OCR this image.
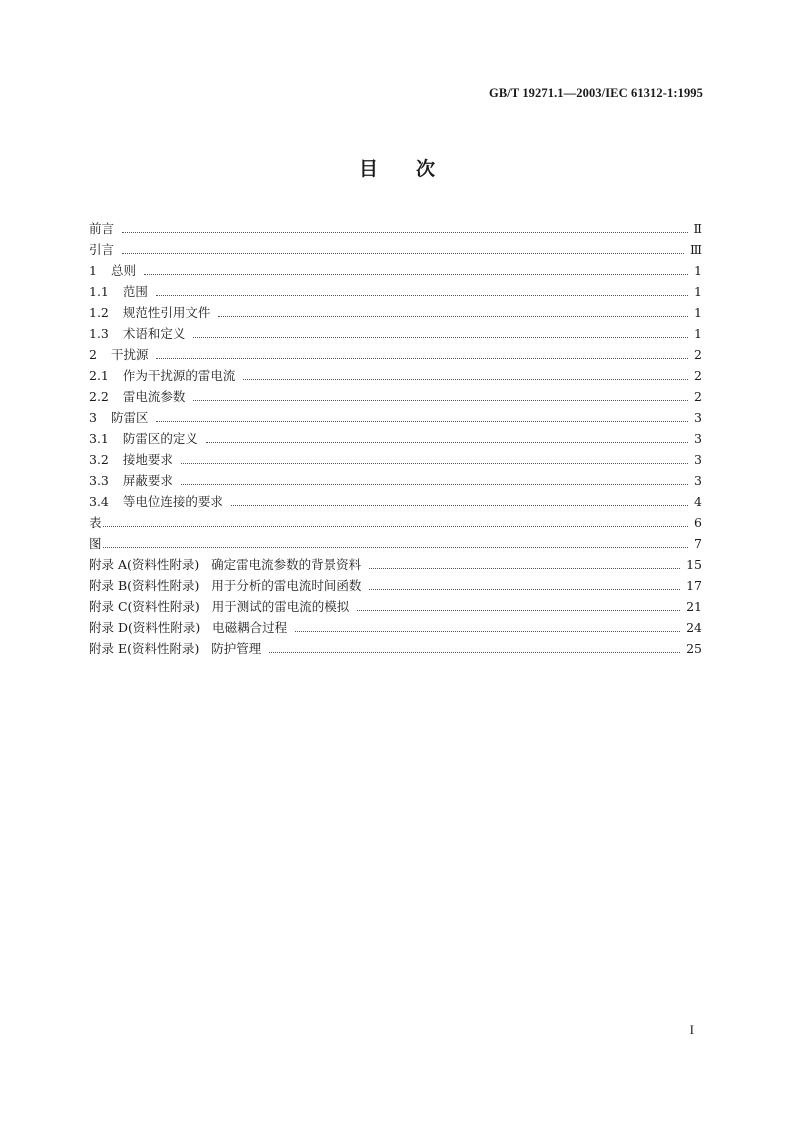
GB/T 19271.1—2003/IEC 61312-1:1995
目 次
前言	Ⅱ
引言	Ⅲ
1 总则	1
1.1 范围	1
1.2 规范性引用文件	1
1.3 术语和定义	1
2 干扰源	2
2.1 作为干扰源的雷电流	2
2.2 雷电流参数	2
3 防雷区	3
3.1 防雷区的定义	3
3.2 接地要求	3
3.3 屏蔽要求	3
3.4 等电位连接的要求	4
表	6
图	7
附录 A(资料性附录)   确定雷电流参数的背景资料	15
附录 B(资料性附录)   用于分析的雷电流时间函数	17
附录 C(资料性附录)   用于测试的雷电流的模拟	21
附录 D(资料性附录)   电磁耦合过程	24
附录 E(资料性附录)   防护管理	25
I
